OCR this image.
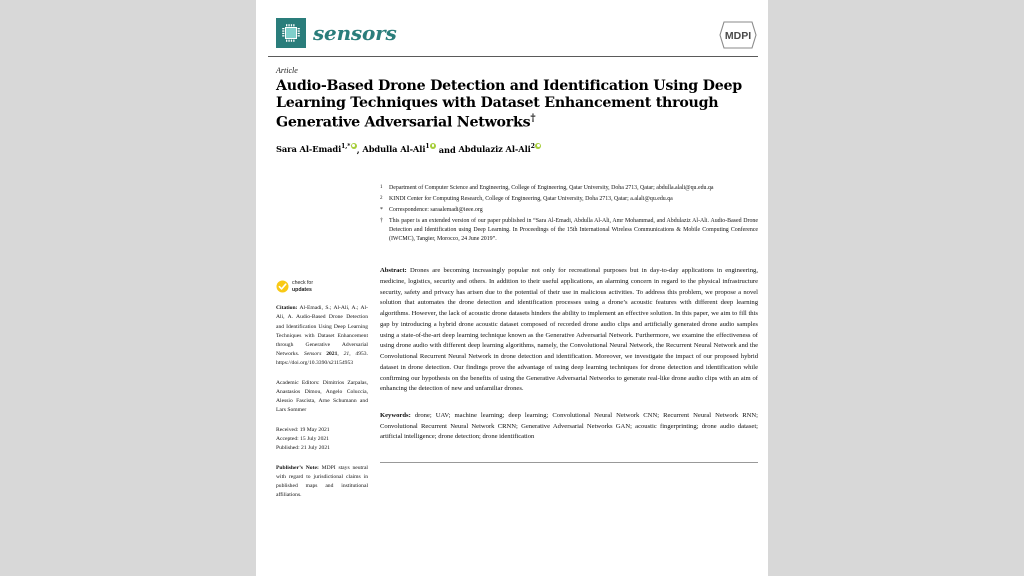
sensors	MDPI
Article
Audio-Based Drone Detection and Identification Using Deep Learning Techniques with Dataset Enhancement through Generative Adversarial Networks†
Sara Al-Emadi$^{1,*}$ , Abdulla Al-Ali$^1$ and Abdulaziz Al-Ali$^2$
check for
updates
Citation: Al-Emadi, S.; Al-Ali, A.; Al-Ali, A. Audio-Based Drone Detection and Identification Using Deep Learning Techniques with Dataset Enhancement through Generative Adversarial Networks. Sensors 2021, 21, 4953. https://doi.org/10.3390/s21154953
Academic Editors: Dimitrios Zarpalas, Anastasios Dimou, Angelo Coluccia, Alessio Fascista, Arne Schumann and Lars Sommer
Received: 19 May 2021
Accepted: 15 July 2021
Published: 21 July 2021
Publisher’s Note: MDPI stays neutral with regard to jurisdictional claims in published maps and institutional affiliations.
1	Department of Computer Science and Engineering, College of Engineering, Qatar University, Doha 2713, Qatar; abdulla.alali@qu.edu.qa
2	KINDI Center for Computing Research, College of Engineering, Qatar University, Doha 2713, Qatar; a.alali@qu.edu.qa
*	Correspondence: saraalemadi@ieee.org
†	This paper is an extended version of our paper published in “Sara Al-Emadi, Abdulla Al-Ali, Amr Mohammad, and Abdulaziz Al-Ali. Audio-Based Drone Detection and Identification using Deep Learning. In Proceedings of the 15th International Wireless Communications & Mobile Computing Conference (IWCMC), Tangier, Morocco, 24 June 2019”.
Abstract: Drones are becoming increasingly popular not only for recreational purposes but in day-to-day applications in engineering, medicine, logistics, security and others. In addition to their useful applications, an alarming concern in regard to the physical infrastructure security, safety and privacy has arisen due to the potential of their use in malicious activities. To address this problem, we propose a novel solution that automates the drone detection and identification processes using a drone’s acoustic features with different deep learning algorithms. However, the lack of acoustic drone datasets hinders the ability to implement an effective solution. In this paper, we aim to fill this gap by introducing a hybrid drone acoustic dataset composed of recorded drone audio clips and artificially generated drone audio samples using a state-of-the-art deep learning technique known as the Generative Adversarial Network. Furthermore, we examine the effectiveness of using drone audio with different deep learning algorithms, namely, the Convolutional Neural Network, the Recurrent Neural Network and the Convolutional Recurrent Neural Network in drone detection and identification. Moreover, we investigate the impact of our proposed hybrid dataset in drone detection. Our findings prove the advantage of using deep learning techniques for drone detection and identification while confirming our hypothesis on the benefits of using the Generative Adversarial Networks to generate real-like drone audio clips with an aim of enhancing the detection of new and unfamiliar drones.
Keywords: drone; UAV; machine learning; deep learning; Convolutional Neural Network CNN; Recurrent Neural Network RNN; Convolutional Recurrent Neural Network CRNN; Generative Adversarial Networks GAN; acoustic fingerprinting; drone audio dataset; artificial intelligence; drone detection; drone identification
